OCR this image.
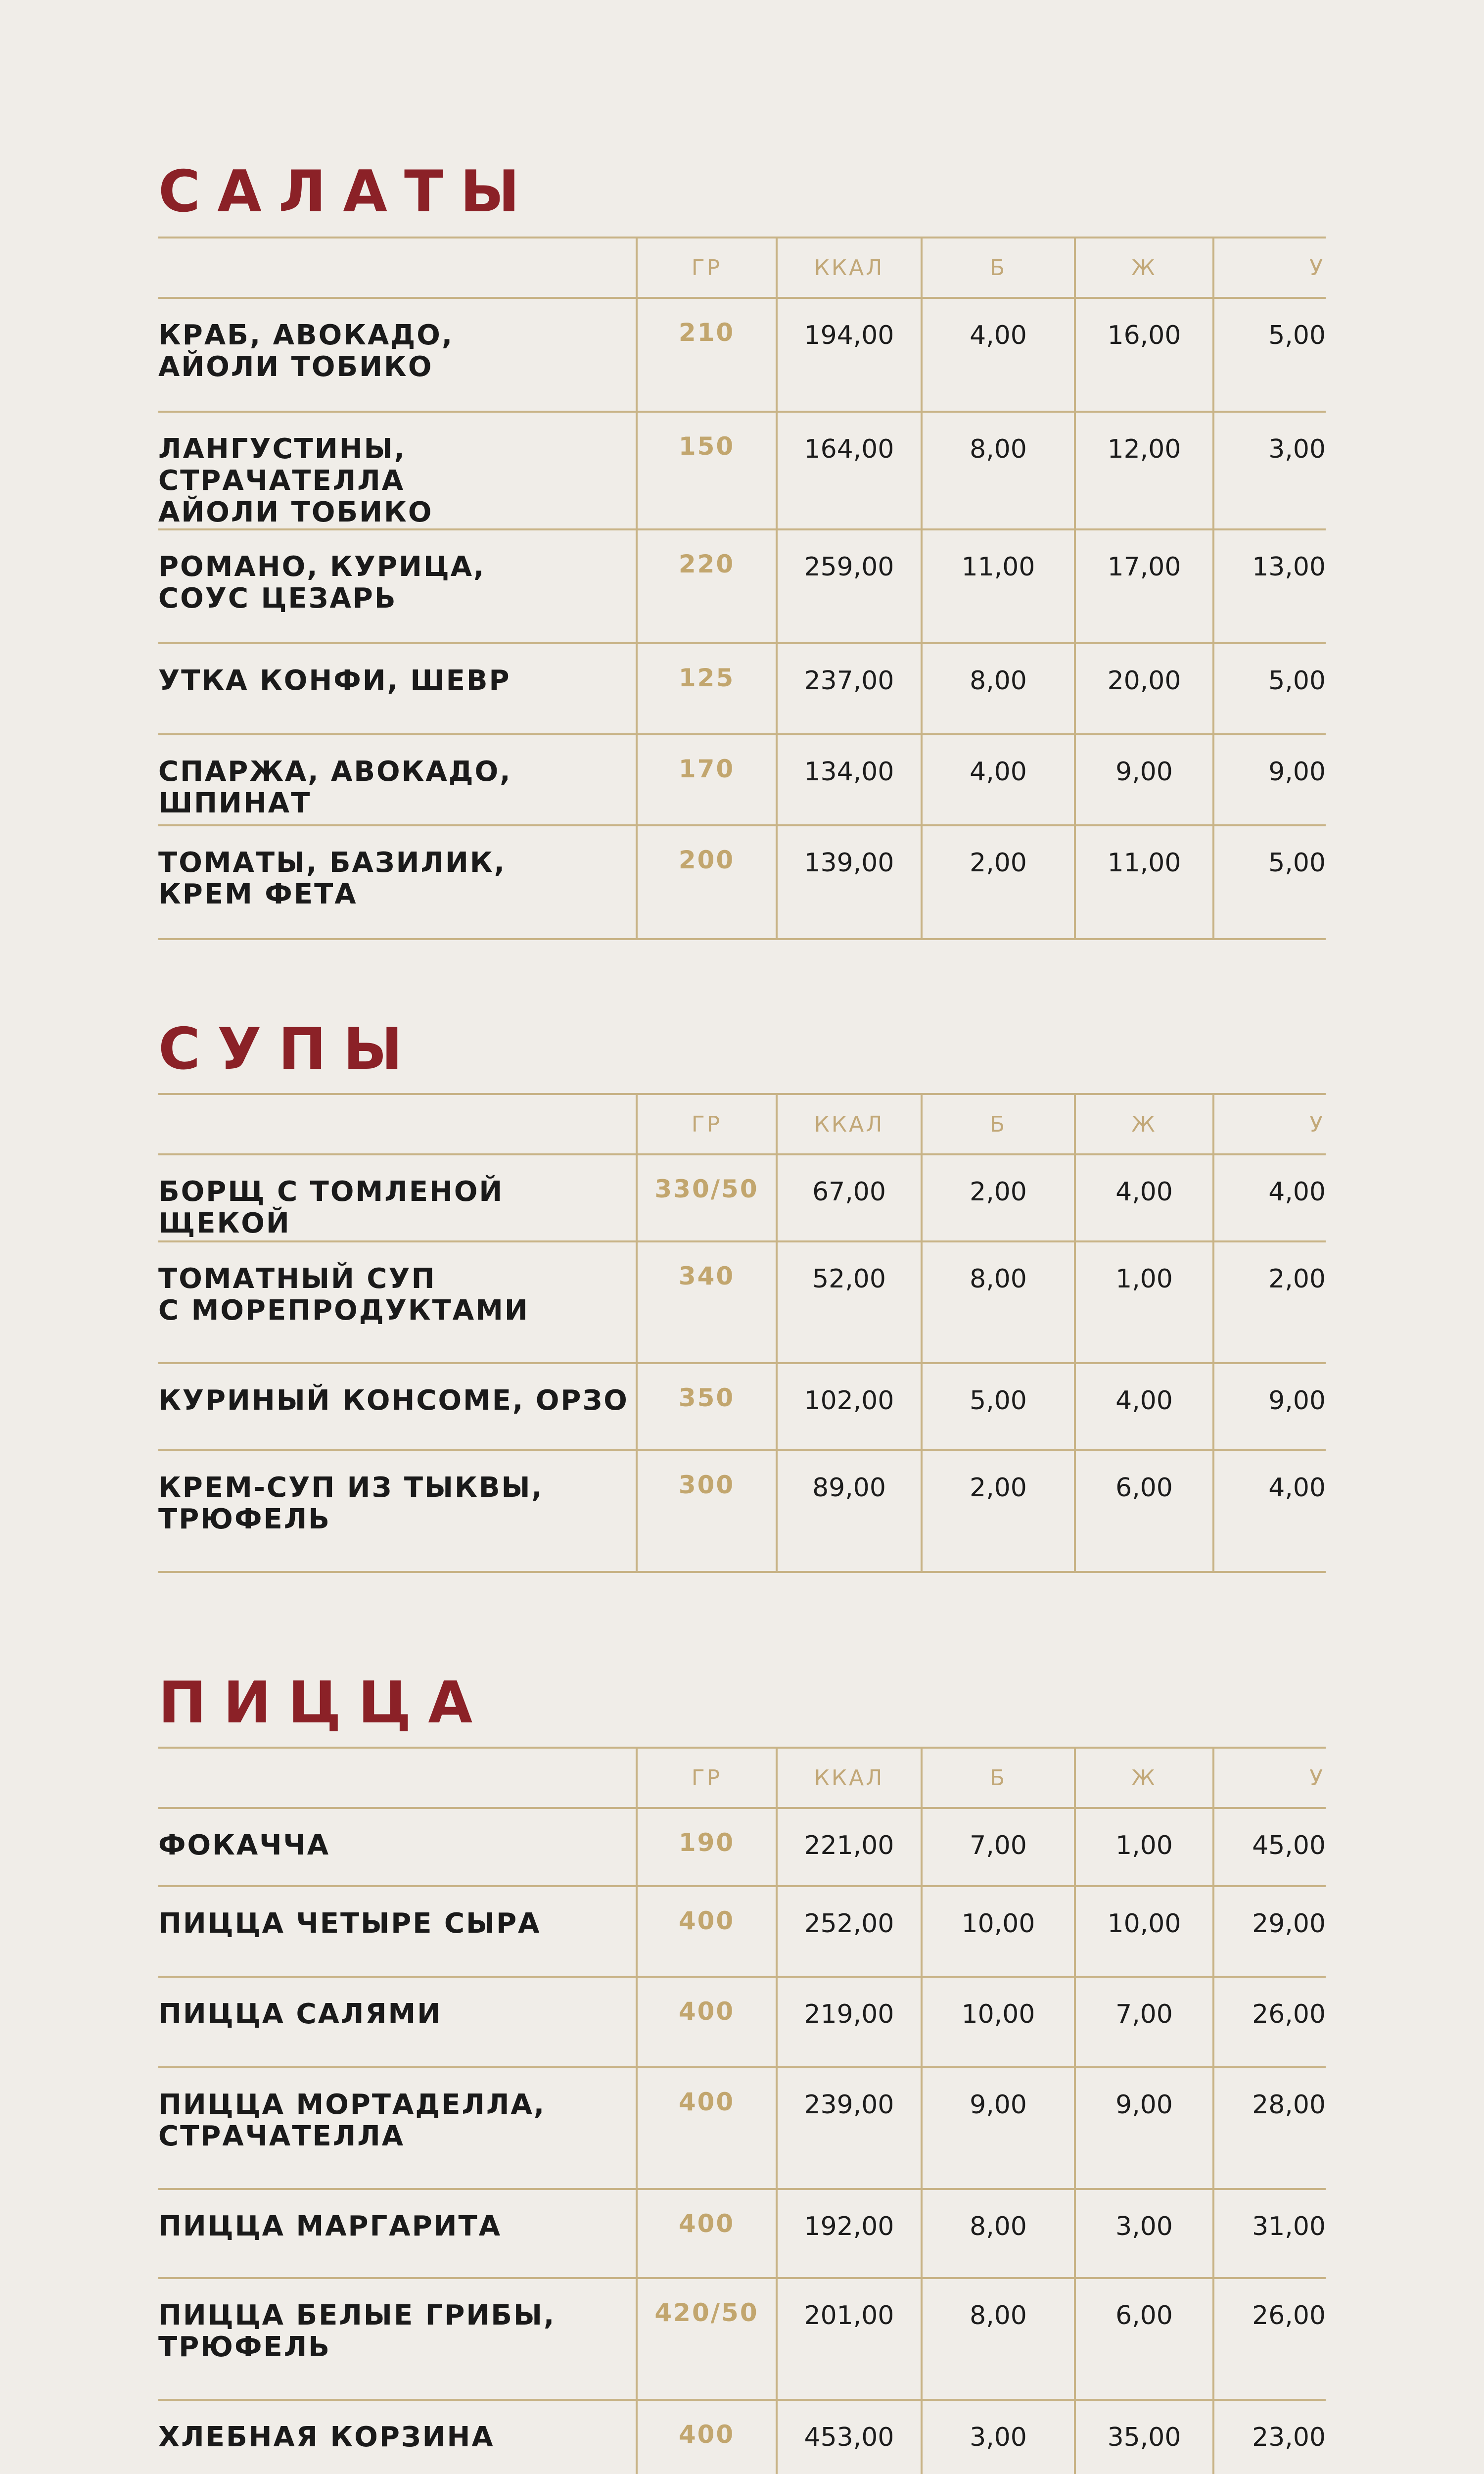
САЛАТЫ
	ГР	ККАЛ	Б	Ж	У
КРАБ, АВОКАДО,
АЙОЛИ ТОБИКО	210	194,00	4,00	16,00	5,00
ЛАНГУСТИНЫ, СТРАЧАТЕЛЛА
АЙОЛИ ТОБИКО	150	164,00	8,00	12,00	3,00
РОМАНО, КУРИЦА,
СОУС ЦЕЗАРЬ	220	259,00	11,00	17,00	13,00
УТКА КОНФИ, ШЕВР	125	237,00	8,00	20,00	5,00
СПАРЖА, АВОКАДО, ШПИНАТ	170	134,00	4,00	9,00	9,00
ТОМАТЫ, БАЗИЛИК,
КРЕМ ФЕТА	200	139,00	2,00	11,00	5,00
СУПЫ
	ГР	ККАЛ	Б	Ж	У
БОРЩ С ТОМЛЕНОЙ ЩЕКОЙ	330/50	67,00	2,00	4,00	4,00
ТОМАТНЫЙ СУП
С МОРЕПРОДУКТАМИ	340	52,00	8,00	1,00	2,00
КУРИНЫЙ КОНСОМЕ, ОРЗО	350	102,00	5,00	4,00	9,00
КРЕМ-СУП ИЗ ТЫКВЫ,
ТРЮФЕЛЬ	300	89,00	2,00	6,00	4,00
ПИЦЦА
	ГР	ККАЛ	Б	Ж	У
ФОКАЧЧА	190	221,00	7,00	1,00	45,00
ПИЦЦА ЧЕТЫРЕ СЫРА	400	252,00	10,00	10,00	29,00
ПИЦЦА САЛЯМИ	400	219,00	10,00	7,00	26,00
ПИЦЦА МОРТАДЕЛЛА,
СТРАЧАТЕЛЛА	400	239,00	9,00	9,00	28,00
ПИЦЦА МАРГАРИТА	400	192,00	8,00	3,00	31,00
ПИЦЦА БЕЛЫЕ ГРИБЫ,
ТРЮФЕЛЬ	420/50	201,00	8,00	6,00	26,00
ХЛЕБНАЯ КОРЗИНА	400	453,00	3,00	35,00	23,00
